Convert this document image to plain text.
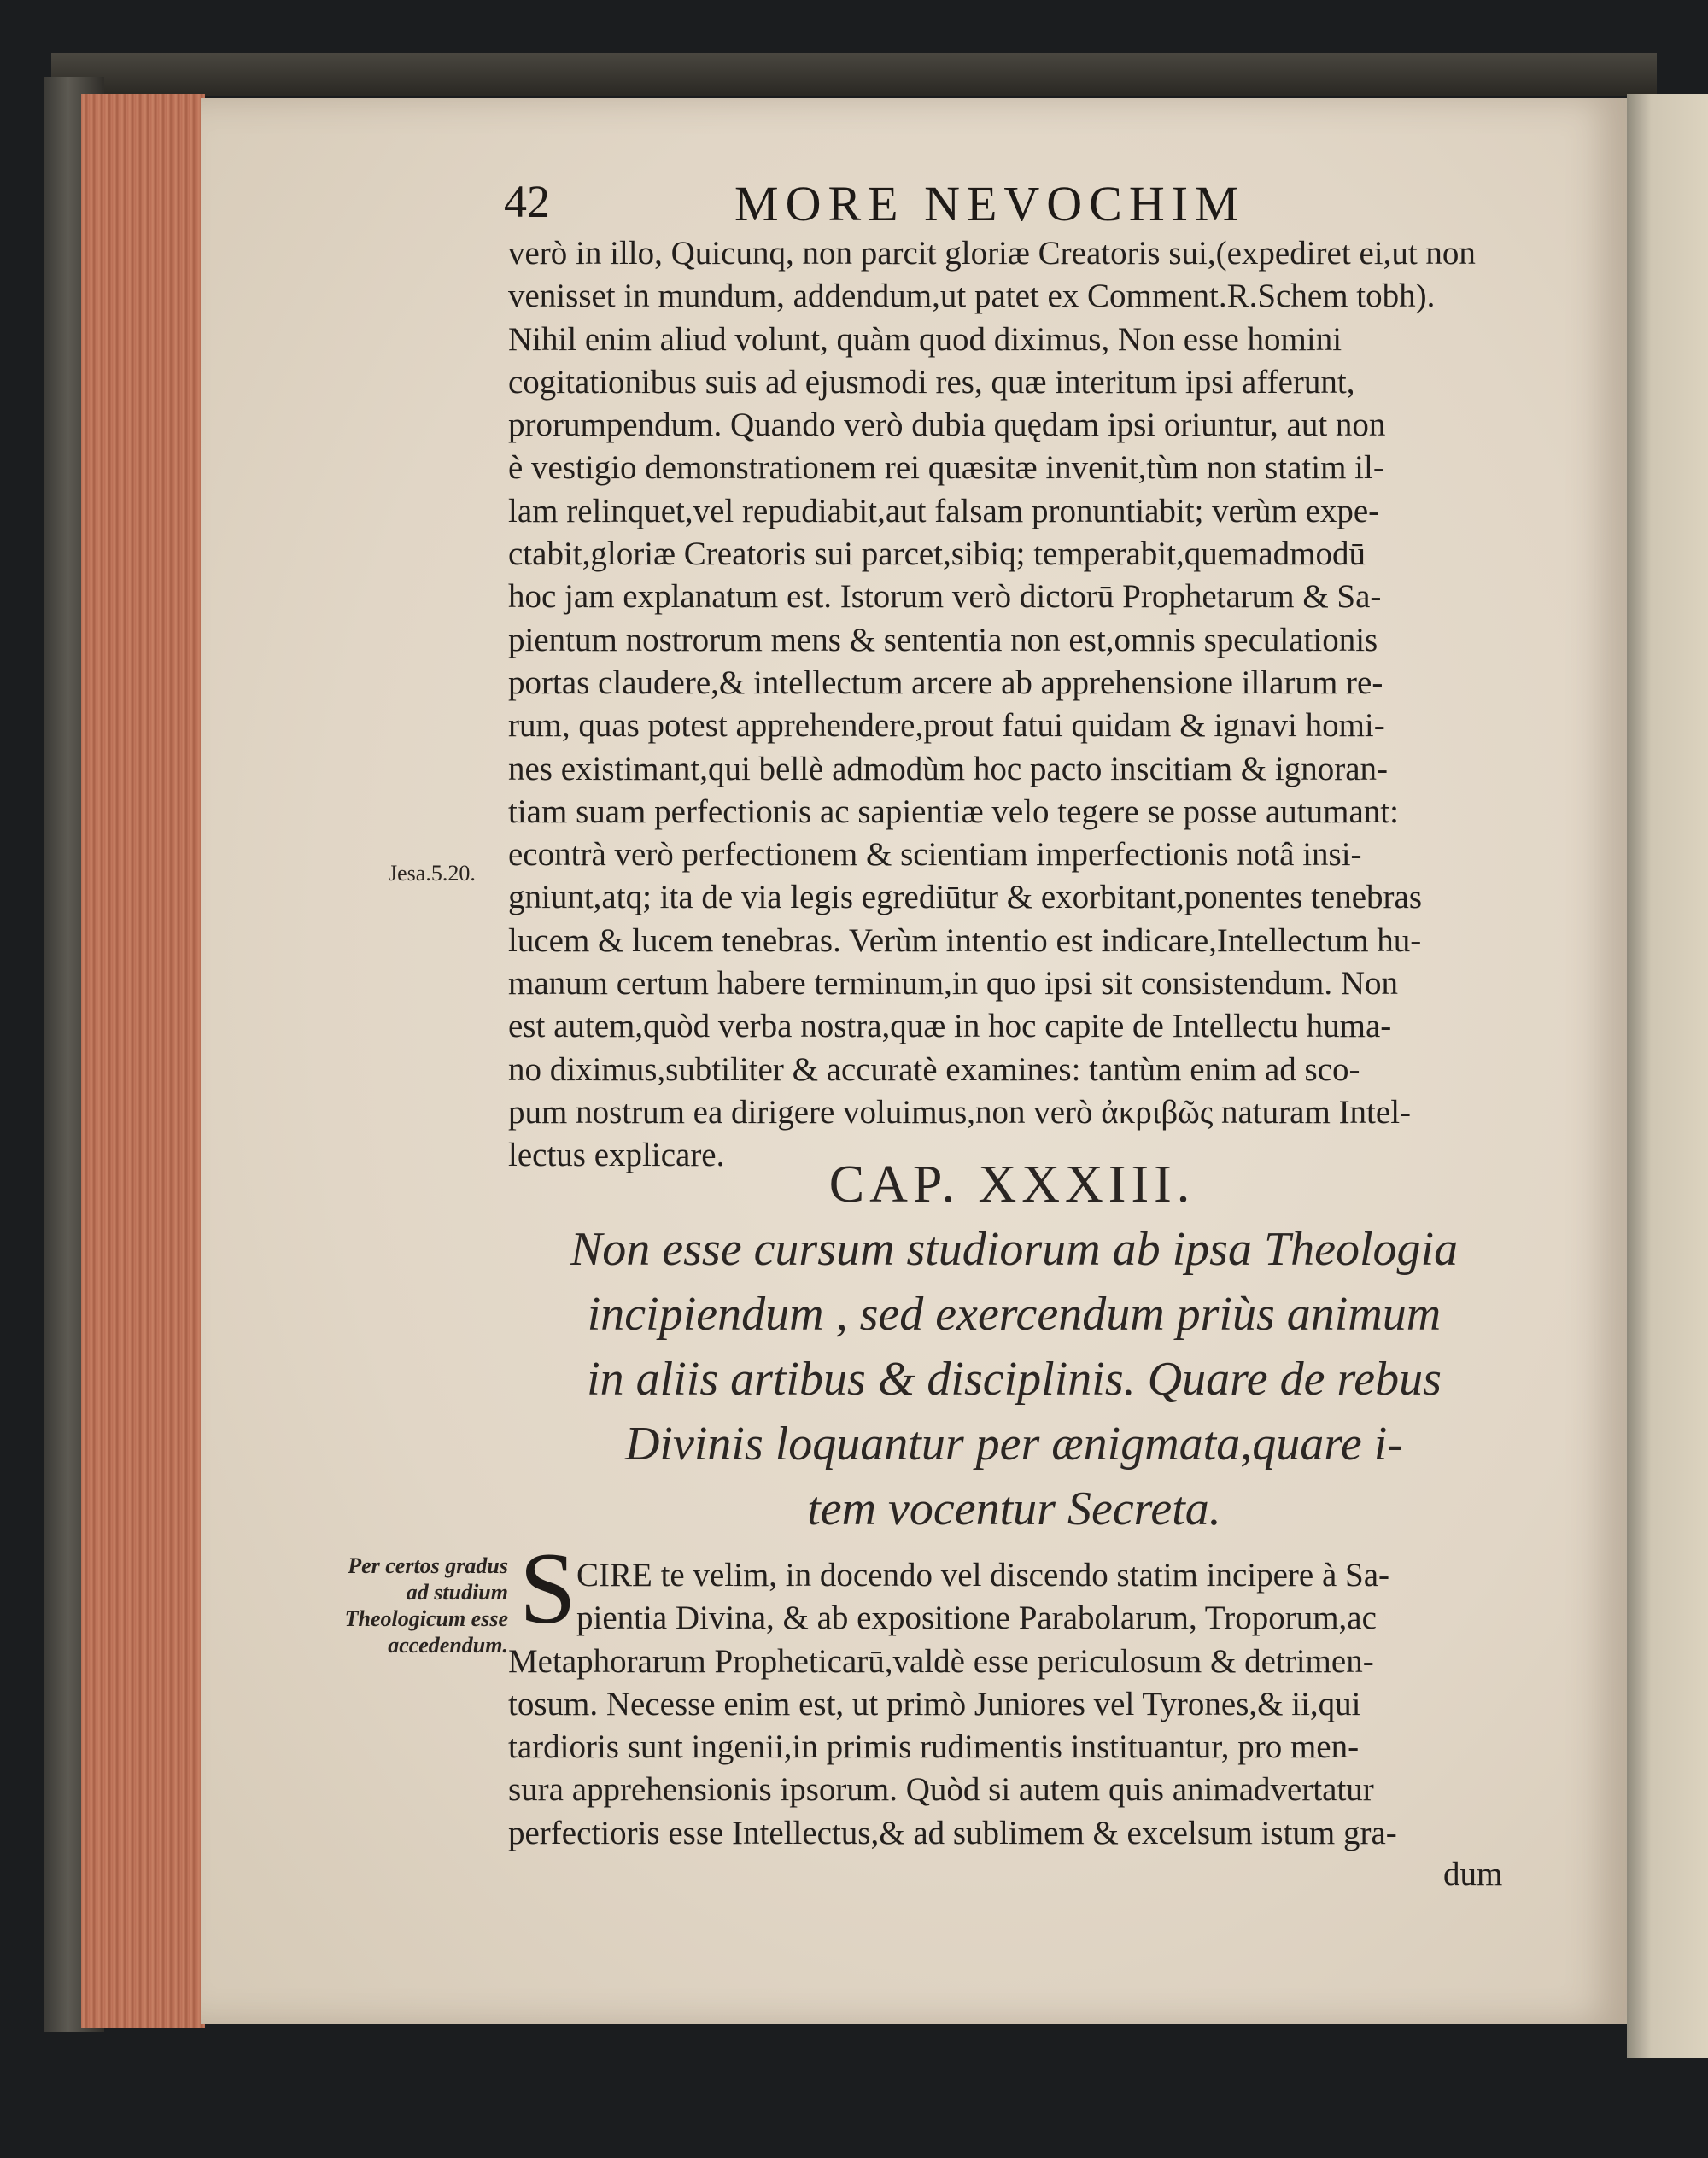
42	MORE NEVOCHIM
verò in illo, Quicunq, non parcit gloriæ Creatoris sui,(expediret ei,ut non
venisset in mundum, addendum,ut patet ex Comment.R.Schem tobh).
Nihil enim aliud volunt, quàm quod diximus, Non esse homini
cogitationibus suis ad ejusmodi res, quæ interitum ipsi afferunt,
prorumpendum. Quando verò dubia quędam ipsi oriuntur, aut non
è vestigio demonstrationem rei quæsitæ invenit,tùm non statim il-
lam relinquet,vel repudiabit,aut falsam pronuntiabit; verùm expe-
ctabit,gloriæ Creatoris sui parcet,sibiq; temperabit,quemadmodū
hoc jam explanatum est. Istorum verò dictorū Prophetarum & Sa-
pientum nostrorum mens & sententia non est,omnis speculationis
portas claudere,& intellectum arcere ab apprehensione illarum re-
rum, quas potest apprehendere,prout fatui quidam & ignavi homi-
nes existimant,qui bellè admodùm hoc pacto inscitiam & ignoran-
tiam suam perfectionis ac sapientiæ velo tegere se posse autumant:
econtrà verò perfectionem & scientiam imperfectionis notâ insi-
gniunt,atq; ita de via legis egrediūtur & exorbitant,ponentes tenebras
lucem & lucem tenebras. Verùm intentio est indicare,Intellectum hu-
manum certum habere terminum,in quo ipsi sit consistendum. Non
est autem,quòd verba nostra,quæ in hoc capite de Intellectu huma-
no diximus,subtiliter & accuratè examines: tantùm enim ad sco-
pum nostrum ea dirigere voluimus,non verò ἀκριβῶς naturam Intel-
lectus explicare.
Jesa.5.20.
CAP. XXXIII.
Non esse cursum studiorum ab ipsa Theologia
incipiendum , sed exercendum priùs animum
in aliis artibus & disciplinis. Quare de rebus
Divinis loquantur per ænigmata,quare i-
tem vocentur Secreta.
Per certos gradus ad studium Theologicum esse accedendum.
S CIRE te velim, in docendo vel discendo statim incipere à Sa-
pientia Divina, & ab expositione Parabolarum, Troporum,ac
Metaphorarum Propheticarū,valdè esse periculosum & detrimen-
tosum. Necesse enim est, ut primò Juniores vel Tyrones,& ii,qui
tardioris sunt ingenii,in primis rudimentis instituantur, pro men-
sura apprehensionis ipsorum. Quòd si autem quis animadvertatur
perfectioris esse Intellectus,& ad sublimem & excelsum istum gra-
dum
